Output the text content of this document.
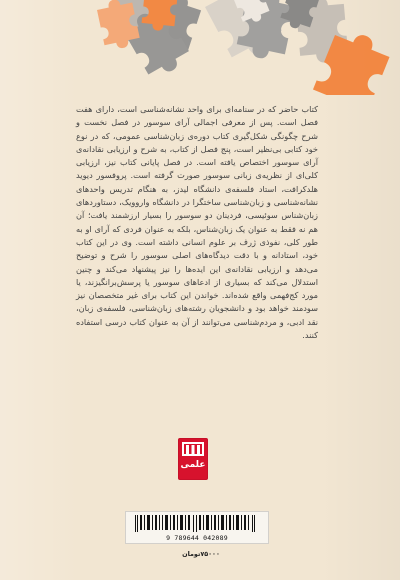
کتاب حاضر که در سنامه‌ای برای واحد نشانه‌شناسی است، دارای هفت فصل است. پس از معرفی اجمالی آرای سوسور در فصل نخست و شرح چگونگی شکل‌گیری کتاب دوره‌ی زبان‌شناسی عمومی، که در نوع خود کتابی بی‌نظیر است، پنج فصل از کتاب، به شرح و ارزیابی نقادانه‌ی آرای سوسور اختصاص یافته است. در فصل پایانی کتاب نیز، ارزیابی کلی‌ای از نظریه‌ی زبانی سوسور صورت گرفته است. پروفسور دیوید هلدکرافت، استاد فلسفه‌ی دانشگاه لیدز، به هنگام تدریس واحدهای نشانه‌شناسی و زبان‌شناسی ساختگرا در دانشگاه واروویک، دستاوردهای زبان‌شناس سوئیسی، فردینان دو سوسور را بسیار ارزشمند یافت؛ آن هم نه فقط به عنوان یک زبان‌شناس، بلکه به عنوان فردی که آرای او به طور کلی، نفوذی ژرف بر علوم انسانی داشته است. وی در این کتاب خود، استادانه و با دقت دیدگاه‌های اصلی سوسور را شرح و توضیح می‌دهد و ارزیابی نقادانه‌ی این ایده‌ها را نیز پیشنهاد می‌کند و چنین استدلال می‌کند که بسیاری از ادعاهای سوسور یا پرسش‌برانگیزند، یا مورد کج‌فهمی واقع شده‌اند. خواندن این کتاب برای غیر متخصصان نیز سودمند خواهد بود و دانشجویان رشته‌های زبان‌شناسی، فلسفه‌ی زبان، نقد ادبی، و مردم‌شناسی می‌توانند از آن به عنوان کتاب درسی استفاده کنند.

علمی
9 789644 042089
۷۵۰۰۰تومان
